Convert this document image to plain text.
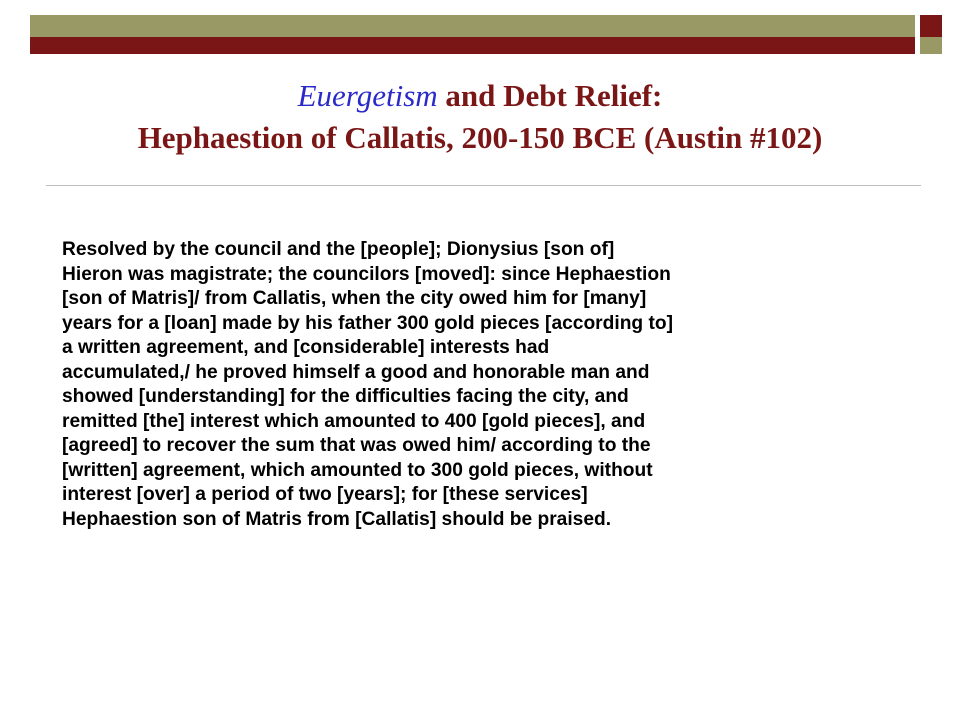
Euergetism and Debt Relief:
Hephaestion of Callatis, 200-150 BCE (Austin #102)
Resolved by the council and the [people]; Dionysius [son of]
Hieron was magistrate; the councilors [moved]: since Hephaestion
[son of Matris]/ from Callatis, when the city owed him for [many]
years for a [loan] made by his father 300 gold pieces [according to]
a written agreement, and [considerable] interests had
accumulated,/ he proved himself a good and honorable man and
showed [understanding] for the difficulties facing the city, and
remitted [the] interest which amounted to 400 [gold pieces], and
[agreed] to recover the sum that was owed him/ according to the
[written] agreement, which amounted to 300 gold pieces, without
interest [over] a period of two [years]; for [these services]
Hephaestion son of Matris from [Callatis] should be praised.
